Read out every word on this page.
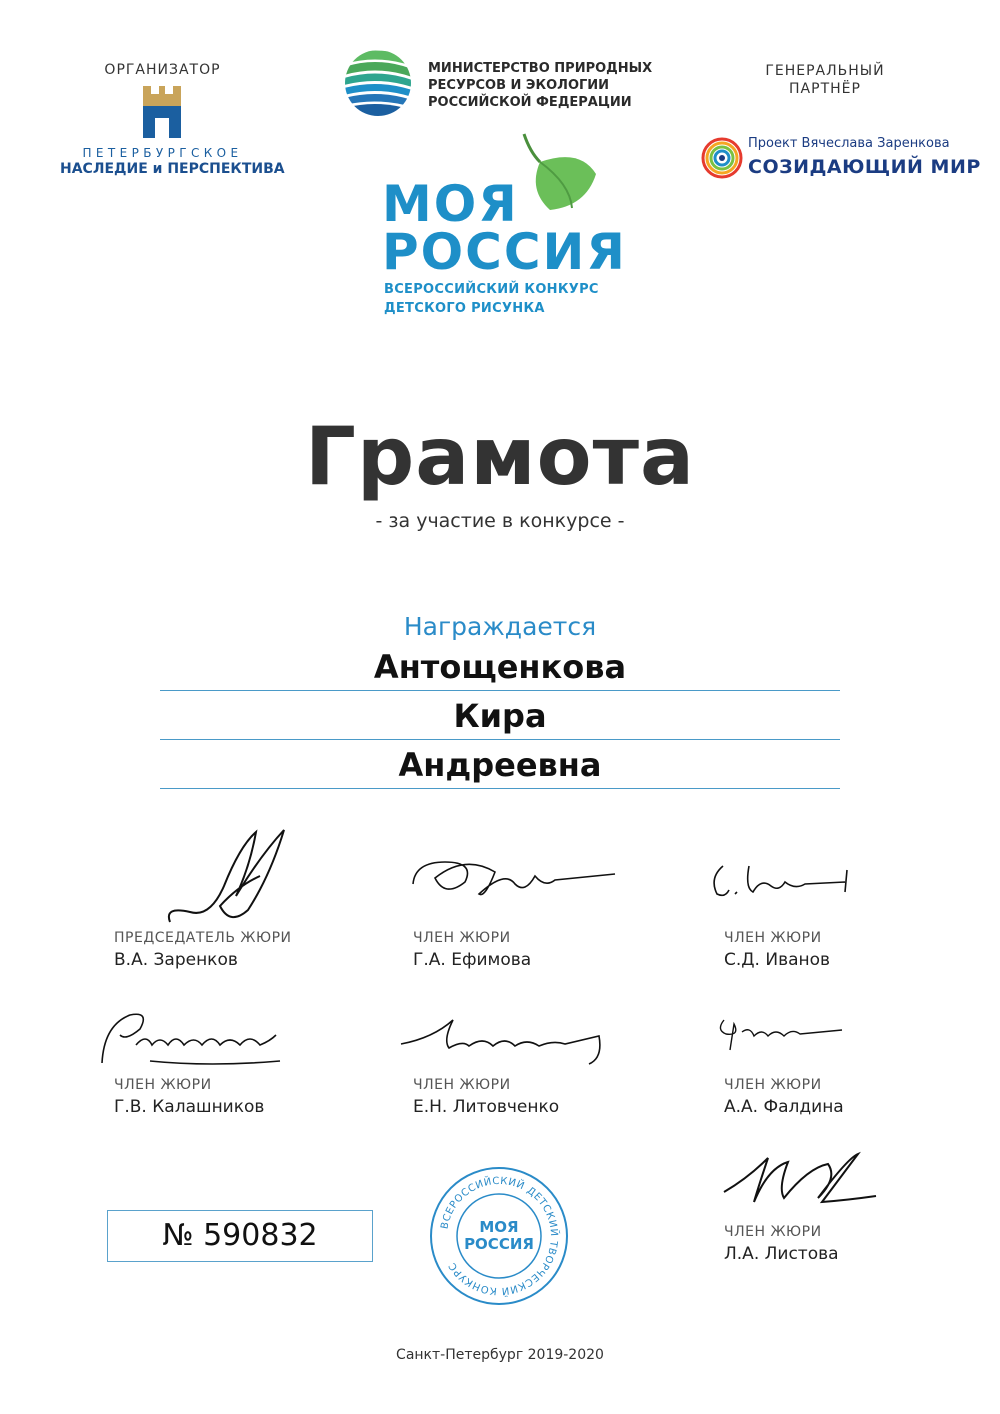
ОРГАНИЗАТОР
ПЕТЕРБУРГСКОЕ
НАСЛЕДИЕ и ПЕРСПЕКТИВА
МИНИСТЕРСТВО ПРИРОДНЫХ
РЕСУРСОВ И ЭКОЛОГИИ
РОССИЙСКОЙ ФЕДЕРАЦИИ
ГЕНЕРАЛЬНЫЙ
ПАРТНЁР
Проект Вячеслава Заренкова
СОЗИДАЮЩИЙ МИР
МОЯ
РОССИЯ
ВСЕРОССИЙСКИЙ КОНКУРС
ДЕТСКОГО РИСУНКА
Грамота
- за участие в конкурсе -
Награждается
Антощенкова
Кира
Андреевна
ПРЕДСЕДАТЕЛЬ ЖЮРИ
В.А. Заренков
ЧЛЕН ЖЮРИ
Г.А. Ефимова
ЧЛЕН ЖЮРИ
С.Д. Иванов
ЧЛЕН ЖЮРИ
Г.В. Калашников
ЧЛЕН ЖЮРИ
Е.Н. Литовченко
ЧЛЕН ЖЮРИ
А.А. Фалдина
ЧЛЕН ЖЮРИ
Л.А. Листова
№ 590832	ВСЕРОССИЙСКИЙ ДЕТСКИЙ ТВОРЧЕСКИЙ КОНКУРС
МОЯ
РОССИЯ
Санкт-Петербург 2019-2020
